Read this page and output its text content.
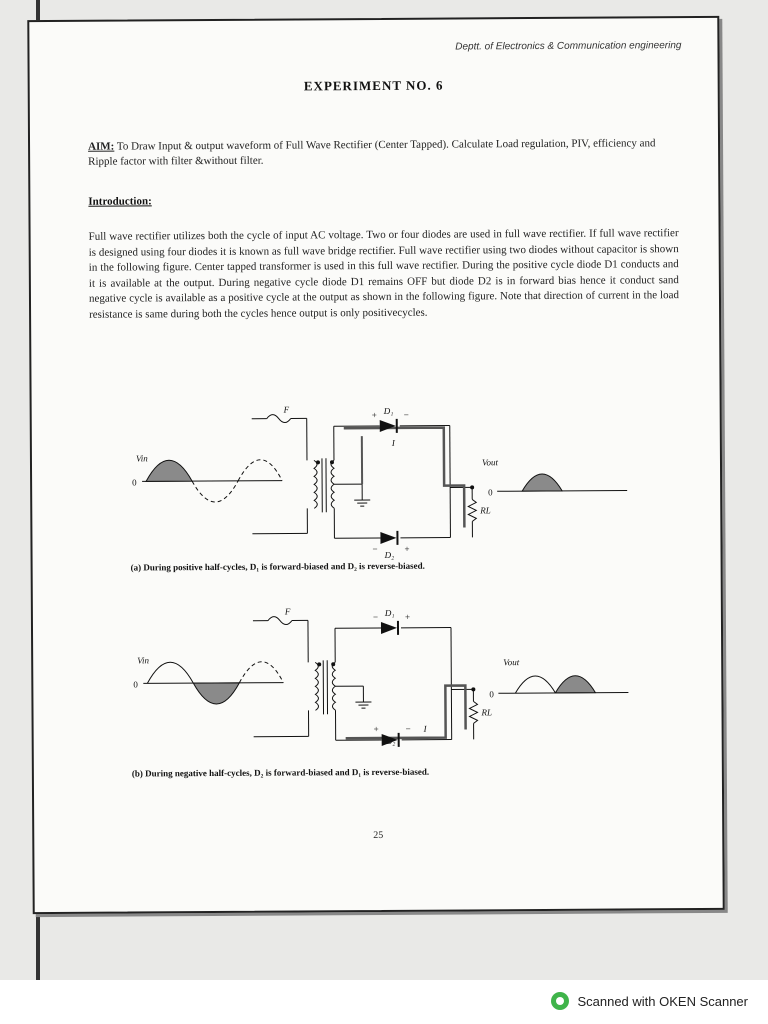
Deptt. of Electronics & Communication engineering

EXPERIMENT NO. 6

AIM: To Draw Input & output waveform of Full Wave Rectifier (Center Tapped). Calculate Load regulation, PIV, efficiency and Ripple factor with filter &without filter.

Introduction:

Full wave rectifier utilizes both the cycle of input AC voltage. Two or four diodes are used in full wave rectifier. If full wave rectifier is designed using four diodes it is known as full wave bridge rectifier. Full wave rectifier using two diodes without capacitor is shown in the following figure. Center tapped transformer is used in this full wave rectifier. During the positive cycle diode D1 conducts and it is available at the output. During negative cycle diode D1 remains OFF but diode D2 is in forward bias hence it conduct sand negative cycle is available as a positive cycle at the output as shown in the following figure. Note that direction of current in the load resistance is same during both the cycles hence output is only positivecycles.

F
Vin
0
Vout
0
D₁
D₂
I
RL
+	−
−	+

(a) During positive half-cycles, D₁ is forward-biased and D₂ is reverse-biased.

F
Vin
0
Vout
0
D₁
D₂
I
RL
−	+
+	−

(b) During negative half-cycles, D₂ is forward-biased and D₁ is reverse-biased.

25

Scanned with OKEN Scanner
